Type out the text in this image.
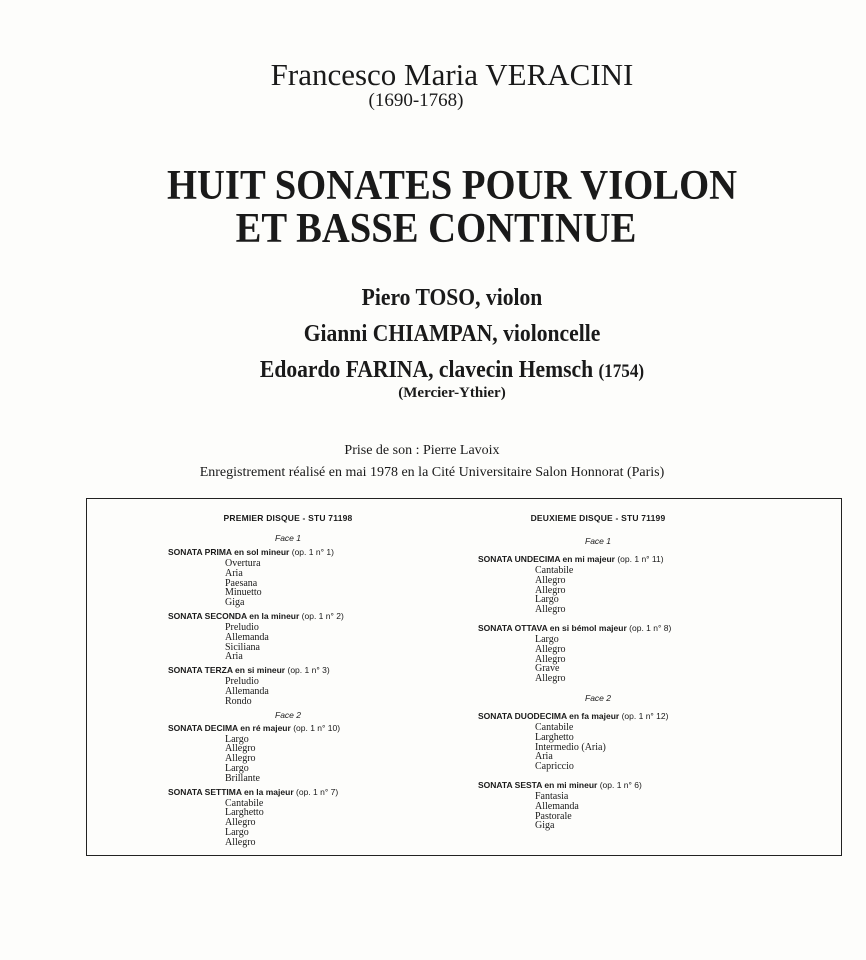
Francesco Maria VERACINI
(1690-1768)
HUIT SONATES POUR VIOLON
ET BASSE CONTINUE
Piero TOSO, violon
Gianni CHIAMPAN, violoncelle
Edoardo FARINA, clavecin Hemsch (1754)
(Mercier-Ythier)
Prise de son : Pierre Lavoix
Enregistrement réalisé en mai 1978 en la Cité Universitaire Salon Honnorat (Paris)
PREMIER DISQUE - STU 71198
Face 1
SONATA PRIMA en sol mineur (op. 1 n° 1)
Overtura
Aria
Paesana
Minuetto
Giga
SONATA SECONDA en la mineur (op. 1 n° 2)
Preludio
Allemanda
Siciliana
Aria
SONATA TERZA en si mineur (op. 1 n° 3)
Preludio
Allemanda
Rondo
Face 2
SONATA DECIMA en ré majeur (op. 1 n° 10)
Largo
Allegro
Allegro
Largo
Brillante
SONATA SETTIMA en la majeur (op. 1 n° 7)
Cantabile
Larghetto
Allegro
Largo
Allegro
DEUXIEME DISQUE - STU 71199
Face 1
SONATA UNDECIMA en mi majeur (op. 1 n° 11)
Cantabile
Allegro
Allegro
Largo
Allegro
SONATA OTTAVA en si bémol majeur (op. 1 n° 8)
Largo
Allegro
Allegro
Grave
Allegro
Face 2
SONATA DUODECIMA en fa majeur (op. 1 n° 12)
Cantabile
Larghetto
Intermedio (Aria)
Aria
Capriccio
SONATA SESTA en mi mineur (op. 1 n° 6)
Fantasia
Allemanda
Pastorale
Giga
